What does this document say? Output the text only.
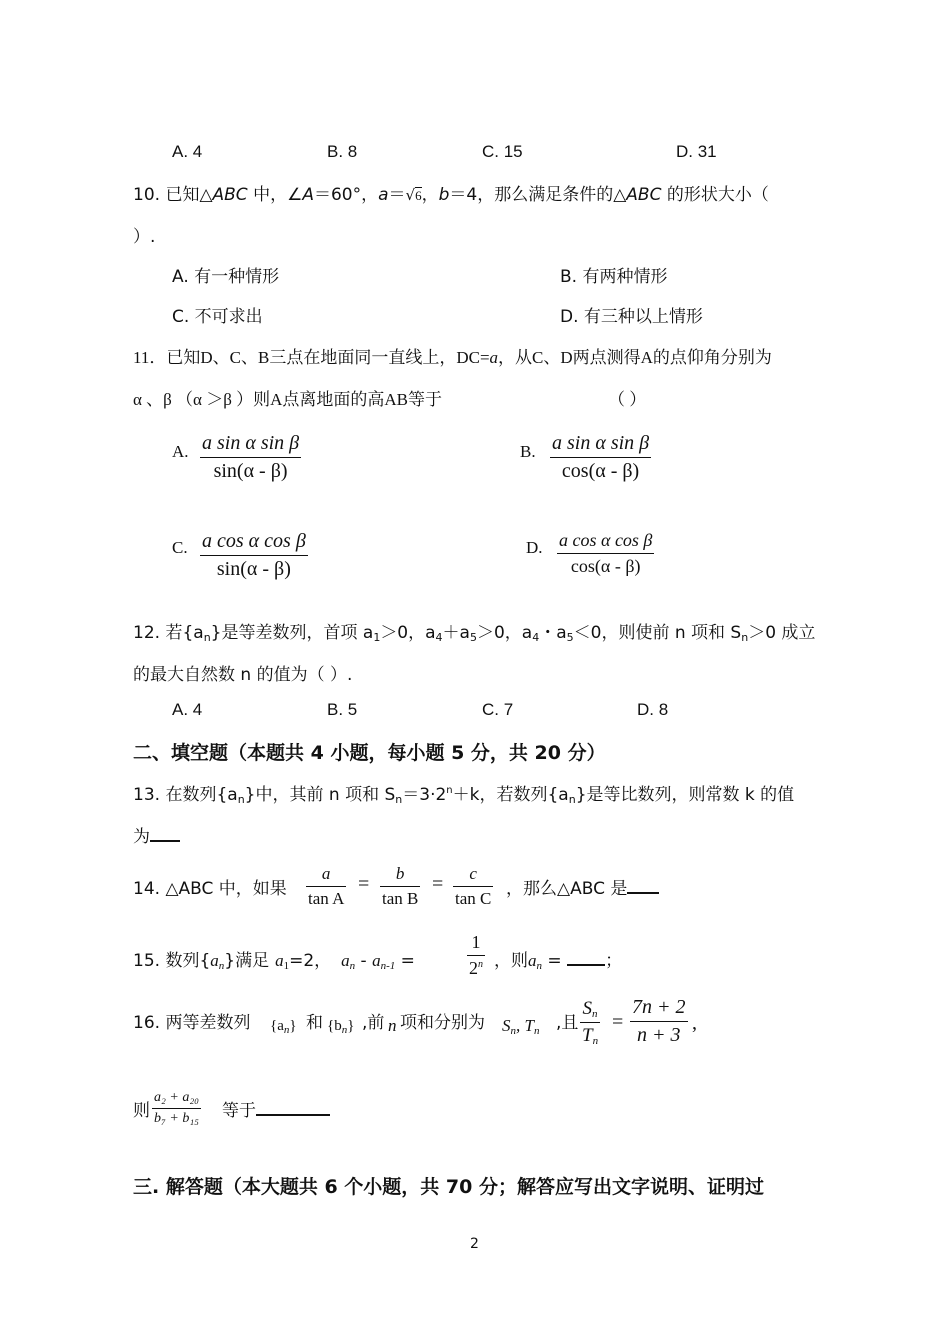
A. 4	B. 8	C. 15	D. 31
10. 已知△ABC 中，∠A＝60°，a＝√6，b＝4，那么满足条件的△ABC 的形状大小（
）.
A. 有一种情形	B. 有两种情形
C. 不可求出	D. 有三种以上情形
11．已知D、C、B三点在地面同一直线上，DC=a，从C、D两点测得A的点仰角分别为
α 、β （α ＞β ）则A点离地面的高AB等于	（ ）
A. $\frac{\text{a sin α sin β}}{\sin(\alpha - \beta)}$	B. $\frac{\text{a sin α sin β}}{\cos(\alpha - \beta)}$
C. $\frac{\text{a cos α cos β}}{\sin(\alpha - \beta)}$	D. $\frac{\text{a cos α cos β}}{\cos(\alpha - \beta)}$
12. 若$\{a_n\}$是等差数列，首项 $a_1>0$，$a_4+a_5>0$，$a_4$・$a_5<0$，则使前 n 项和 $S_n>0$ 成立
的最大自然数 n 的值为（ ）.
A. 4	B. 5	C. 7	D. 8
二、填空题（本题共 4 小题，每小题 5 分，共 20 分）
13. 在数列$\{a_n\}$中，其前 n 项和 $S_n=3\cdot 2^n+k$，若数列$\{a_n\}$是等比数列，则常数 k 的值
为
14. △ABC 中，如果 $\frac{a}{\text{tan A}} = \frac{b}{\text{tan B}} = \frac{c}{\text{tan C}}$ ，那么△ABC 是
15. 数列$\{a_n\}$满足 $a_1=2$， $a_n - a_{n-1}$ =	$\frac{1}{2^n}$ ，则$a_n$ = ；
16. 两等差数列 $\{a_n\}$ 和 $\{b_n\}$ ,前 n 项和分别为 $S_n$, $T_n$ ,且 $\frac{S_n}{T_n} = \frac{7n + 2}{n + 3}$ ,
则 $\frac{\text{a₂ + a₂₀}}{\text{b₇ + b₁₅}}$ 等于
三. 解答题（本大题共 6 个小题，共 70 分；解答应写出文字说明、证明过
2
